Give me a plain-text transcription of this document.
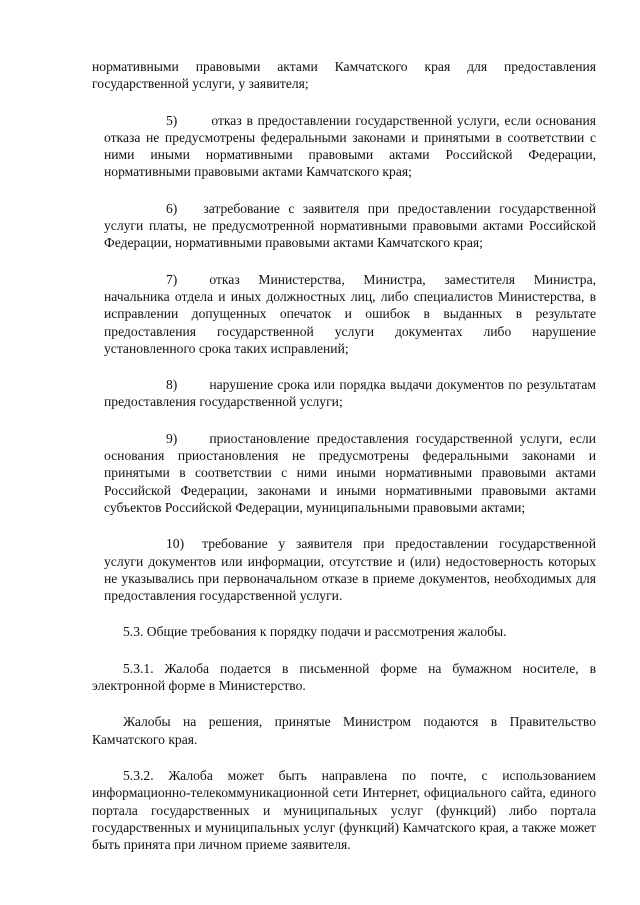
нормативными правовыми актами Камчатского края для предоставления государственной услуги, у заявителя;

5)	отказ в предоставлении государственной услуги, если основания отказа не предусмотрены федеральными законами и принятыми в соответствии с ними иными нормативными правовыми актами Российской Федерации, нормативными правовыми актами Камчатского края;

6) затребование с заявителя при предоставлении государственной услуги платы, не предусмотренной нормативными правовыми актами Российской Федерации, нормативными правовыми актами Камчатского края;

7) отказ Министерства, Министра, заместителя Министра, начальника отдела и иных должностных лиц, либо специалистов Министерства, в исправлении допущенных опечаток и ошибок в выданных в результате предоставления государственной услуги документах либо нарушение установленного срока таких исправлений;

8) нарушение срока или порядка выдачи документов по результатам предоставления государственной услуги;

9) приостановление предоставления государственной услуги, если основания приостановления не предусмотрены федеральными законами и принятыми в соответствии с ними иными нормативными правовыми актами Российской Федерации, законами и иными нормативными правовыми актами субъектов Российской Федерации, муниципальными правовыми актами;

10) требование у заявителя при предоставлении государственной услуги документов или информации, отсутствие и (или) недостоверность которых не указывались при первоначальном отказе в приеме документов, необходимых для предоставления государственной услуги.

5.3. Общие требования к порядку подачи и рассмотрения жалобы.

5.3.1. Жалоба подается в письменной форме на бумажном носителе, в электронной форме в Министерство.

Жалобы на решения, принятые Министром подаются в Правительство Камчатского края.

5.3.2. Жалоба может быть направлена по почте, с использованием информационно-телекоммуникационной сети Интернет, официального сайта, единого портала государственных и муниципальных услуг (функций) либо портала государственных и муниципальных услуг (функций) Камчатского края, а также может быть принята при личном приеме заявителя.
